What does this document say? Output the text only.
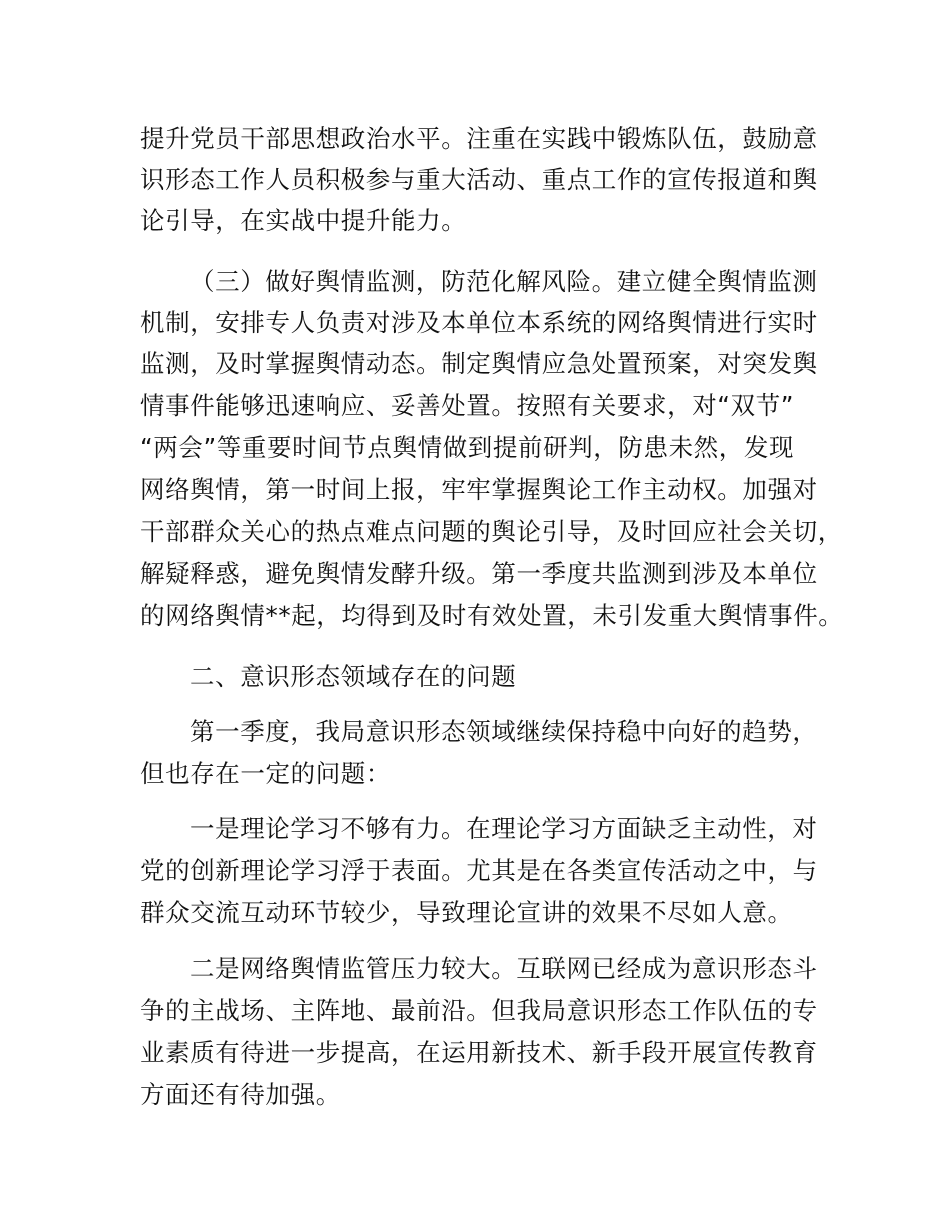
提升党员干部思想政治水平。注重在实践中锻炼队伍，鼓励意
识形态工作人员积极参与重大活动、重点工作的宣传报道和舆
论引导，在实战中提升能力。
（三）做好舆情监测，防范化解风险。建立健全舆情监测
机制，安排专人负责对涉及本单位本系统的网络舆情进行实时
监测，及时掌握舆情动态。制定舆情应急处置预案，对突发舆
情事件能够迅速响应、妥善处置。按照有关要求，对“双节”
“两会”等重要时间节点舆情做到提前研判，防患未然，发现
网络舆情，第一时间上报，牢牢掌握舆论工作主动权。加强对
干部群众关心的热点难点问题的舆论引导，及时回应社会关切，
解疑释惑，避免舆情发酵升级。第一季度共监测到涉及本单位
的网络舆情**起，均得到及时有效处置，未引发重大舆情事件。
二、意识形态领域存在的问题
第一季度，我局意识形态领域继续保持稳中向好的趋势，
但也存在一定的问题：
一是理论学习不够有力。在理论学习方面缺乏主动性，对
党的创新理论学习浮于表面。尤其是在各类宣传活动之中，与
群众交流互动环节较少，导致理论宣讲的效果不尽如人意。
二是网络舆情监管压力较大。互联网已经成为意识形态斗
争的主战场、主阵地、最前沿。但我局意识形态工作队伍的专
业素质有待进一步提高，在运用新技术、新手段开展宣传教育
方面还有待加强。
